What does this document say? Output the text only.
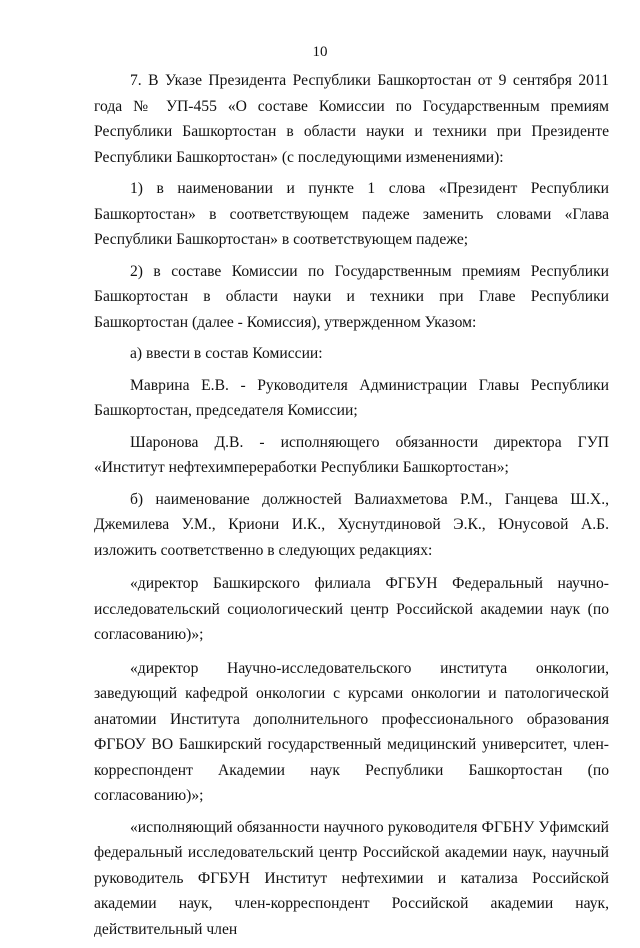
10

7. В Указе Президента Республики Башкортостан от 9 сентября 2011 года № УП-455 «О составе Комиссии по Государственным премиям Республики Башкортостан в области науки и техники при Президенте Республики Башкортостан» (с последующими изменениями):

1) в наименовании и пункте 1 слова «Президент Республики Башкортостан» в соответствующем падеже заменить словами «Глава Республики Башкортостан» в соответствующем падеже;

2) в составе Комиссии по Государственным премиям Республики Башкортостан в области науки и техники при Главе Республики Башкортостан (далее - Комиссия), утвержденном Указом:

а) ввести в состав Комиссии:

Маврина Е.В. - Руководителя Администрации Главы Республики Башкортостан, председателя Комиссии;

Шаронова Д.В. - исполняющего обязанности директора ГУП «Институт нефтехимпереработки Республики Башкортостан»;

б) наименование должностей Валиахметова Р.М., Ганцева Ш.Х., Джемилева У.М., Криони И.К., Хуснутдиновой Э.К., Юнусовой А.Б. изложить соответственно в следующих редакциях:

«директор Башкирского филиала ФГБУН Федеральный научно-исследовательский социологический центр Российской академии наук (по согласованию)»;

«директор Научно-исследовательского института онкологии, заведующий кафедрой онкологии с курсами онкологии и патологической анатомии Института дополнительного профессионального образования ФГБОУ ВО Башкирский государственный медицинский университет, член-корреспондент Академии наук Республики Башкортостан (по согласованию)»;

«исполняющий обязанности научного руководителя ФГБНУ Уфимский федеральный исследовательский центр Российской академии наук, научный руководитель ФГБУН Институт нефтехимии и катализа Российской академии наук, член-корреспондент Российской академии наук, действительный член
